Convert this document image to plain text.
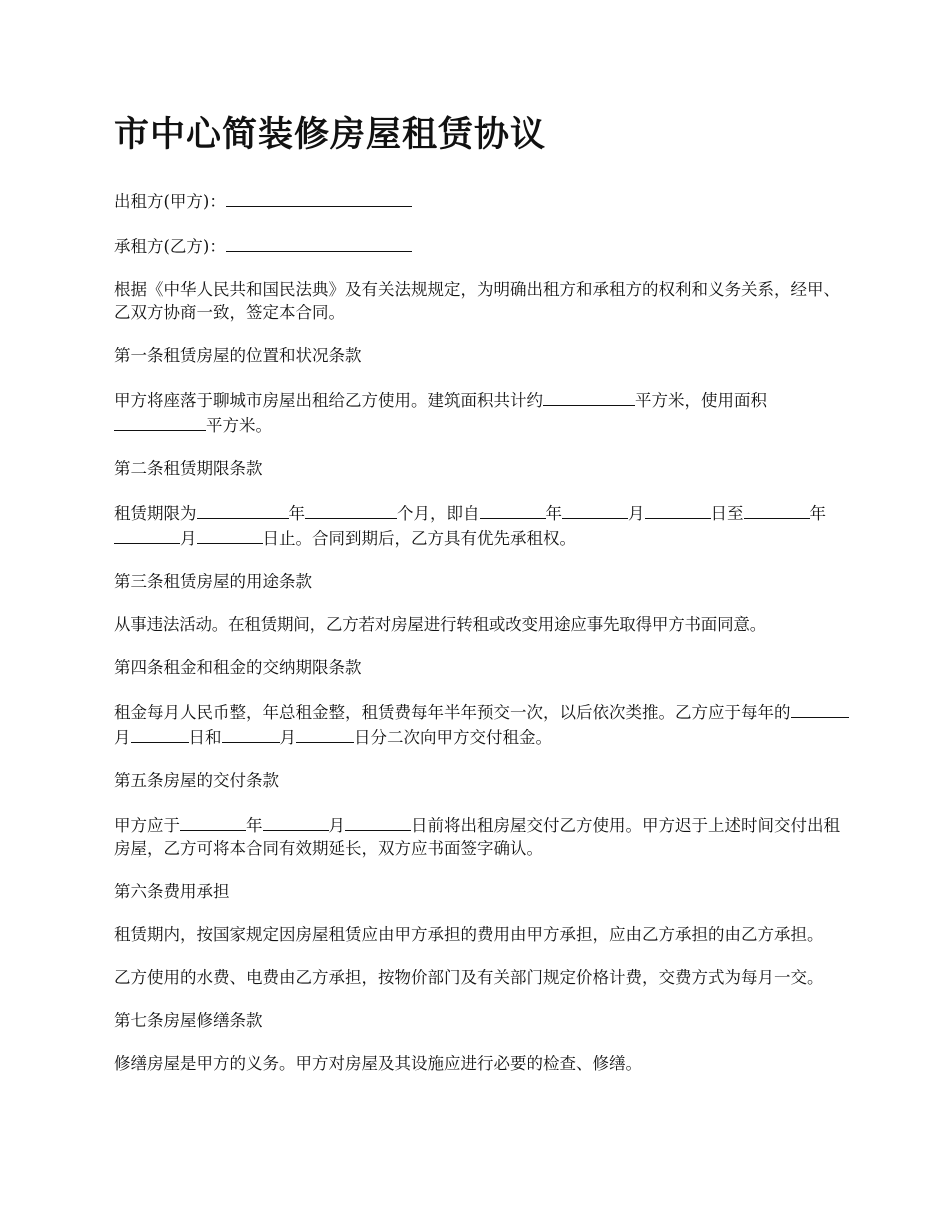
市中心简装修房屋租赁协议

出租方(甲方)：

承租方(乙方)：

根据《中华人民共和国民法典》及有关法规规定，为明确出租方和承租方的权利和义务关系，经甲、乙双方协商一致，签定本合同。

第一条租赁房屋的位置和状况条款

甲方将座落于聊城市房屋出租给乙方使用。建筑面积共计约	平方米，使用面积平方米。

第二条租赁期限条款

租赁期限为	年	个月，即自	年	月	日至	年月	日止。合同到期后，乙方具有优先承租权。

第三条租赁房屋的用途条款

从事违法活动。在租赁期间，乙方若对房屋进行转租或改变用途应事先取得甲方书面同意。

第四条租金和租金的交纳期限条款

租金每月人民币整，年总租金整，租赁费每年半年预交一次，以后依次类推。乙方应于每年的月	日和	月	日分二次向甲方交付租金。

第五条房屋的交付条款

甲方应于	年	月	日前将出租房屋交付乙方使用。甲方迟于上述时间交付出租房屋，乙方可将本合同有效期延长，双方应书面签字确认。

第六条费用承担

租赁期内，按国家规定因房屋租赁应由甲方承担的费用由甲方承担，应由乙方承担的由乙方承担。

乙方使用的水费、电费由乙方承担，按物价部门及有关部门规定价格计费，交费方式为每月一交。

第七条房屋修缮条款

修缮房屋是甲方的义务。甲方对房屋及其设施应进行必要的检查、修缮。
